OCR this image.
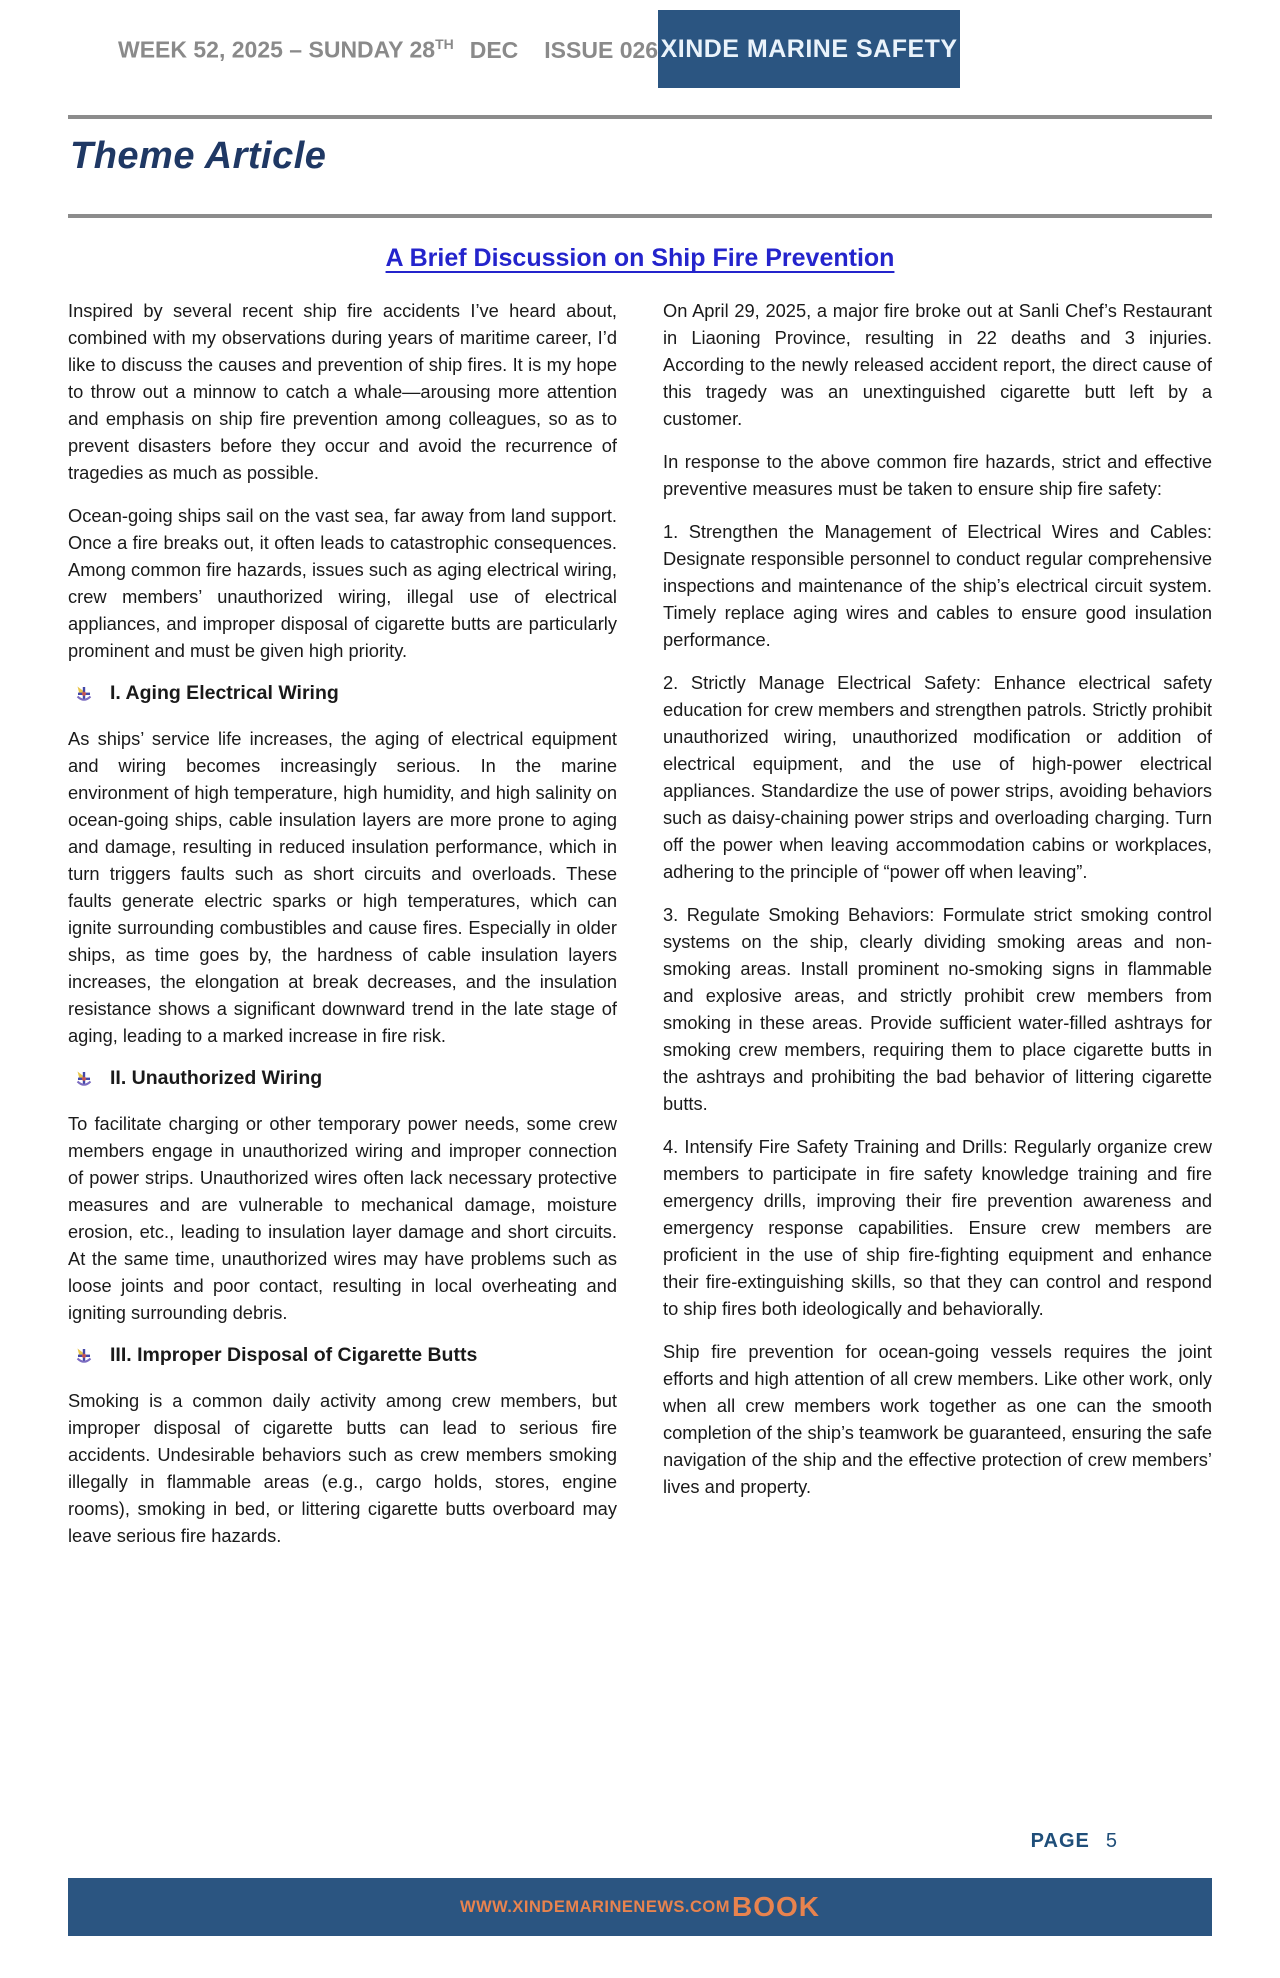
WEEK 52, 2025 – SUNDAY 28TH DEC ISSUE 026 XINDE MARINE SAFETY
Theme Article
A Brief Discussion on Ship Fire Prevention

Inspired by several recent ship fire accidents I’ve heard about, combined with my observations during years of maritime career, I’d like to discuss the causes and prevention of ship fires. It is my hope to throw out a minnow to catch a whale—arousing more attention and emphasis on ship fire prevention among colleagues, so as to prevent disasters before they occur and avoid the recurrence of tragedies as much as possible.

Ocean-going ships sail on the vast sea, far away from land support. Once a fire breaks out, it often leads to catastrophic consequences. Among common fire hazards, issues such as aging electrical wiring, crew members’ unauthorized wiring, illegal use of electrical appliances, and improper disposal of cigarette butts are particularly prominent and must be given high priority.

I. Aging Electrical Wiring

As ships’ service life increases, the aging of electrical equipment and wiring becomes increasingly serious. In the marine environment of high temperature, high humidity, and high salinity on ocean-going ships, cable insulation layers are more prone to aging and damage, resulting in reduced insulation performance, which in turn triggers faults such as short circuits and overloads. These faults generate electric sparks or high temperatures, which can ignite surrounding combustibles and cause fires. Especially in older ships, as time goes by, the hardness of cable insulation layers increases, the elongation at break decreases, and the insulation resistance shows a significant downward trend in the late stage of aging, leading to a marked increase in fire risk.

II. Unauthorized Wiring

To facilitate charging or other temporary power needs, some crew members engage in unauthorized wiring and improper connection of power strips. Unauthorized wires often lack necessary protective measures and are vulnerable to mechanical damage, moisture erosion, etc., leading to insulation layer damage and short circuits. At the same time, unauthorized wires may have problems such as loose joints and poor contact, resulting in local overheating and igniting surrounding debris.

III. Improper Disposal of Cigarette Butts

Smoking is a common daily activity among crew members, but improper disposal of cigarette butts can lead to serious fire accidents. Undesirable behaviors such as crew members smoking illegally in flammable areas (e.g., cargo holds, stores, engine rooms), smoking in bed, or littering cigarette butts overboard may leave serious fire hazards.

On April 29, 2025, a major fire broke out at Sanli Chef’s Restaurant in Liaoning Province, resulting in 22 deaths and 3 injuries. According to the newly released accident report, the direct cause of this tragedy was an unextinguished cigarette butt left by a customer.

In response to the above common fire hazards, strict and effective preventive measures must be taken to ensure ship fire safety:

1. Strengthen the Management of Electrical Wires and Cables: Designate responsible personnel to conduct regular comprehensive inspections and maintenance of the ship’s electrical circuit system. Timely replace aging wires and cables to ensure good insulation performance.

2. Strictly Manage Electrical Safety: Enhance electrical safety education for crew members and strengthen patrols. Strictly prohibit unauthorized wiring, unauthorized modification or addition of electrical equipment, and the use of high-power electrical appliances. Standardize the use of power strips, avoiding behaviors such as daisy-chaining power strips and overloading charging. Turn off the power when leaving accommodation cabins or workplaces, adhering to the principle of “power off when leaving”.

3. Regulate Smoking Behaviors: Formulate strict smoking control systems on the ship, clearly dividing smoking areas and non-smoking areas. Install prominent no-smoking signs in flammable and explosive areas, and strictly prohibit crew members from smoking in these areas. Provide sufficient water-filled ashtrays for smoking crew members, requiring them to place cigarette butts in the ashtrays and prohibiting the bad behavior of littering cigarette butts.

4. Intensify Fire Safety Training and Drills: Regularly organize crew members to participate in fire safety knowledge training and fire emergency drills, improving their fire prevention awareness and emergency response capabilities. Ensure crew members are proficient in the use of ship fire-fighting equipment and enhance their fire-extinguishing skills, so that they can control and respond to ship fires both ideologically and behaviorally.

Ship fire prevention for ocean-going vessels requires the joint efforts and high attention of all crew members. Like other work, only when all crew members work together as one can the smooth completion of the ship’s teamwork be guaranteed, ensuring the safe navigation of the ship and the effective protection of crew members’ lives and property.

PAGE 5
WWW.XINDEMARINENEWS.COM BOOK
